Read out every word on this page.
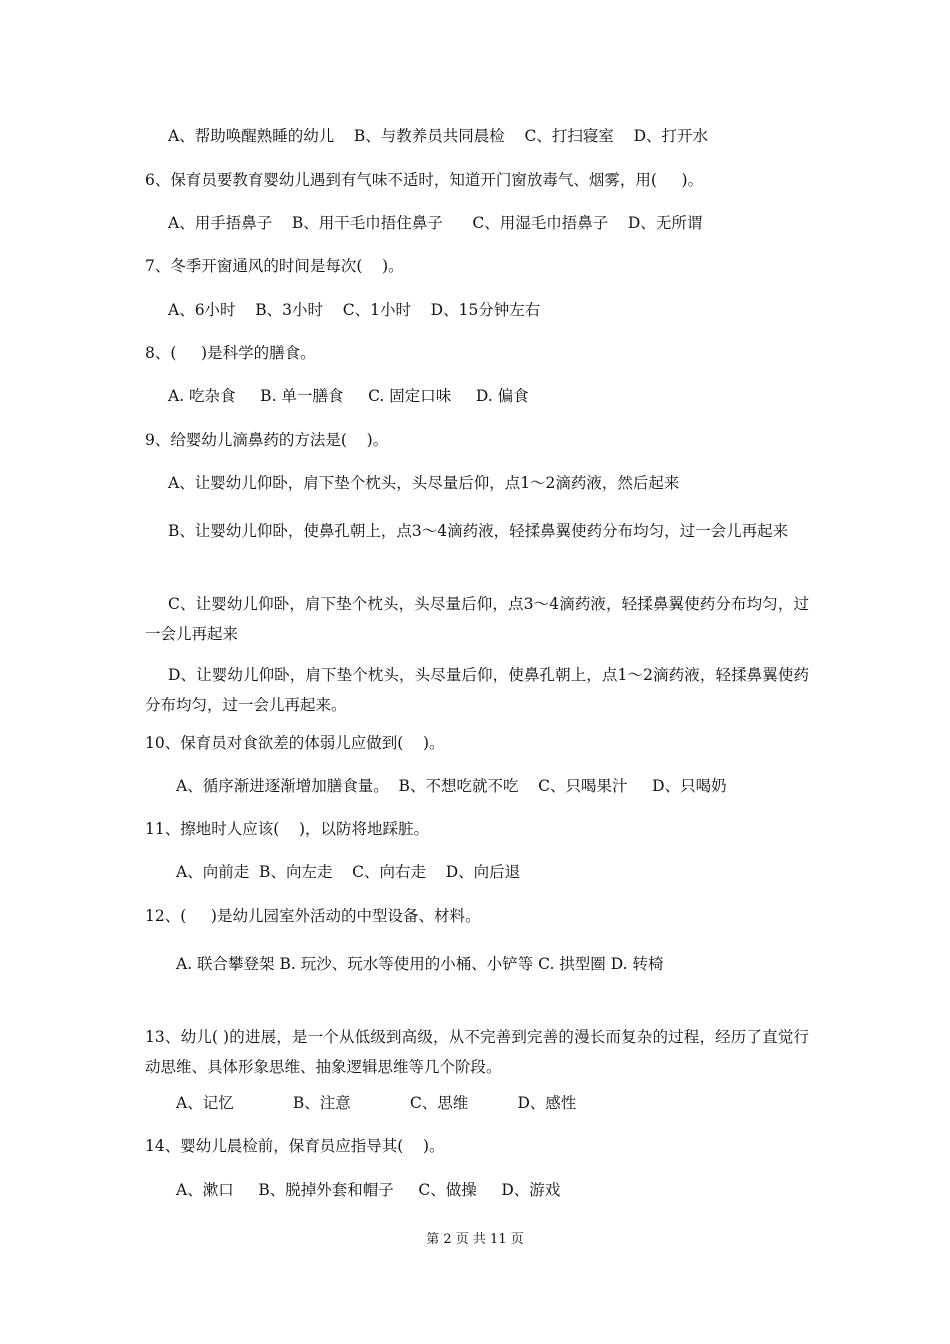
A、帮助唤醒熟睡的幼儿    B、与教养员共同晨检    C、打扫寝室    D、打开水
6、保育员要教育婴幼儿遇到有气味不适时，知道开门窗放毒气、烟雾，用(     )。
A、用手捂鼻子    B、用干毛巾捂住鼻子      C、用湿毛巾捂鼻子    D、无所谓
7、冬季开窗通风的时间是每次(    )。
A、6小时    B、3小时    C、1小时    D、15分钟左右
8、(     )是科学的膳食。
A. 吃杂食     B. 单一膳食     C. 固定口味     D. 偏食
9、给婴幼儿滴鼻药的方法是(    )。
A、让婴幼儿仰卧，肩下垫个枕头，头尽量后仰，点1～2滴药液，然后起来
B、让婴幼儿仰卧，使鼻孔朝上，点3～4滴药液，轻揉鼻翼使药分布均匀，过一会儿再起来
C、让婴幼儿仰卧，肩下垫个枕头，头尽量后仰，点3～4滴药液，轻揉鼻翼使药分布均匀，过一会儿再起来
D、让婴幼儿仰卧，肩下垫个枕头，头尽量后仰，使鼻孔朝上，点1～2滴药液，轻揉鼻翼使药分布均匀，过一会儿再起来。
10、保育员对食欲差的体弱儿应做到(    )。
A、循序渐进逐渐增加膳食量。  B、不想吃就不吃    C、只喝果汁     D、只喝奶
11、擦地时人应该(    )，以防将地踩脏。
A、向前走  B、向左走    C、向右走    D、向后退
12、(     )是幼儿园室外活动的中型设备、材料。
A. 联合攀登架 B. 玩沙、玩水等使用的小桶、小铲等 C. 拱型圈 D. 转椅
13、幼儿( )的进展，是一个从低级到高级，从不完善到完善的漫长而复杂的过程，经历了直觉行动思维、具体形象思维、抽象逻辑思维等几个阶段。
A、记忆            B、注意            C、思维          D、感性
14、婴幼儿晨检前，保育员应指导其(    )。
A、漱口     B、脱掉外套和帽子     C、做操     D、游戏
第 2 页 共 11 页
